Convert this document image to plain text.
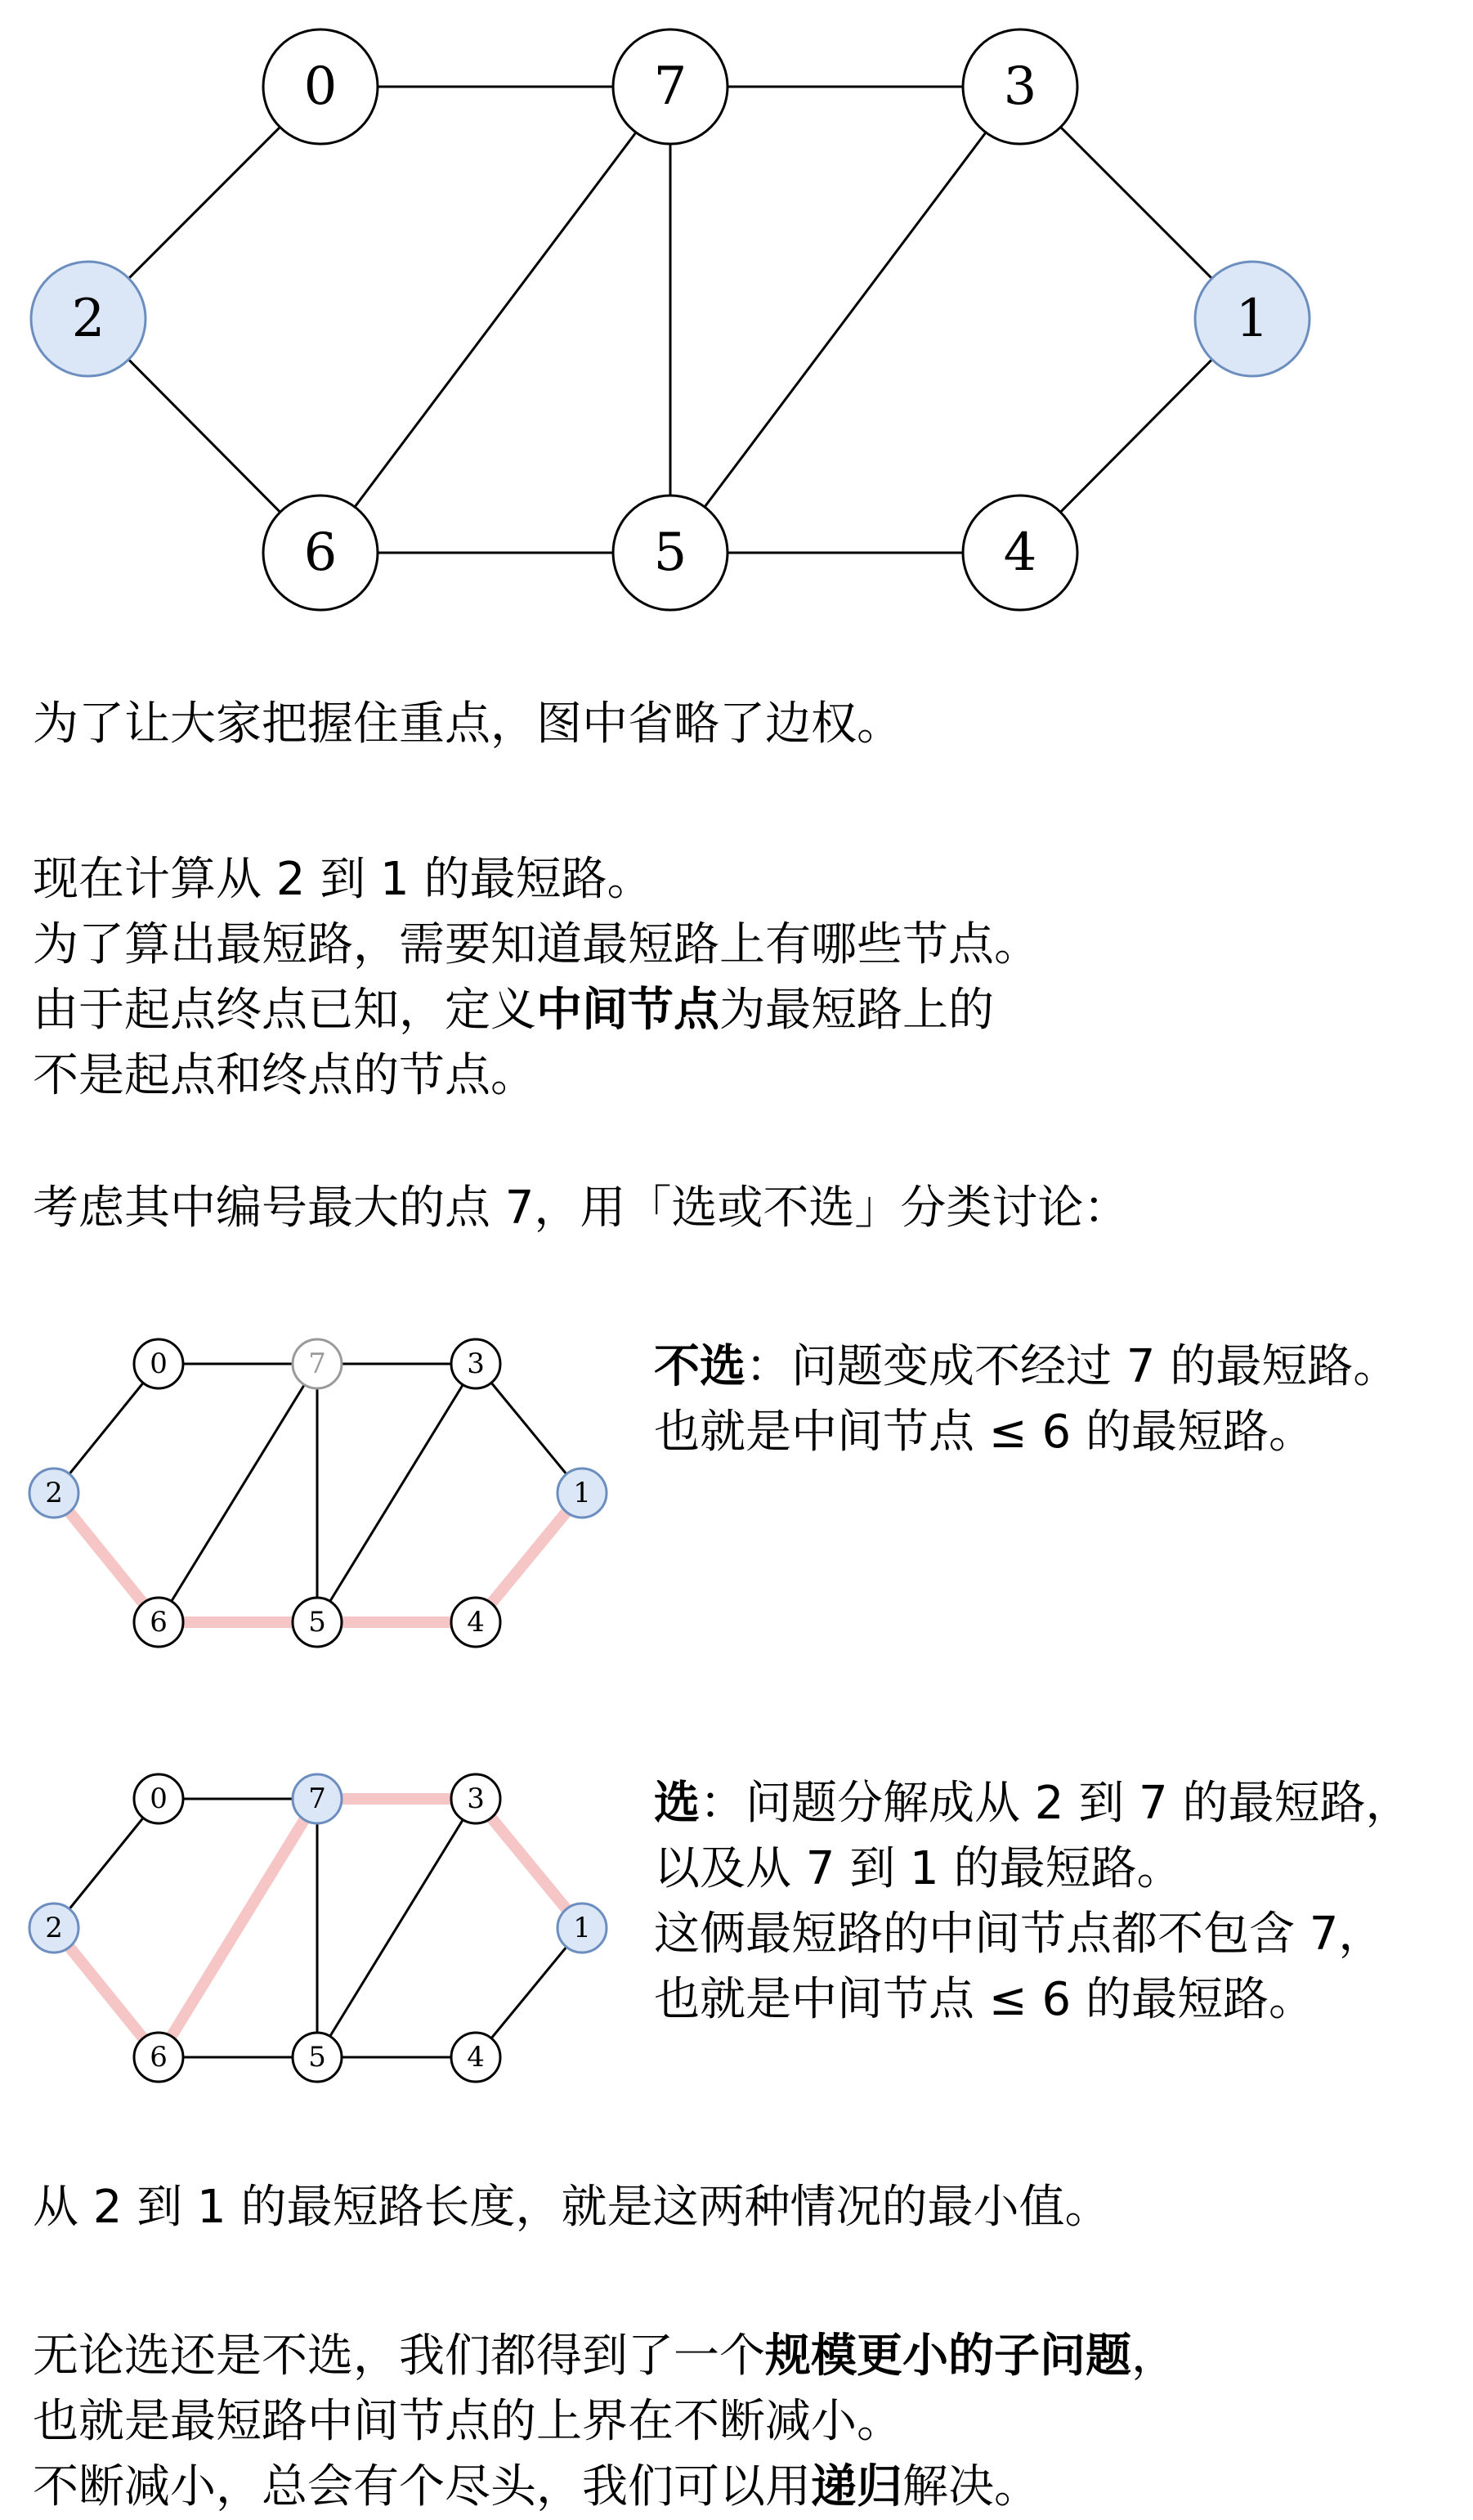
0	7	3
2	1
6	5	4

为了让大家把握住重点，图中省略了边权。

现在计算从 2 到 1 的最短路。
为了算出最短路，需要知道最短路上有哪些节点。
由于起点终点已知，定义中间节点为最短路上的
不是起点和终点的节点。

考虑其中编号最大的点 7，用「选或不选」分类讨论：

0	7	3
2	1
6	5	4

不选：问题变成不经过 7 的最短路。
也就是中间节点 ≤ 6 的最短路。

0	7	3
2	1
6	5	4

选：问题分解成从 2 到 7 的最短路，
以及从 7 到 1 的最短路。
这俩最短路的中间节点都不包含 7，
也就是中间节点 ≤ 6 的最短路。

从 2 到 1 的最短路长度，就是这两种情况的最小值。

无论选还是不选，我们都得到了一个规模更小的子问题，
也就是最短路中间节点的上界在不断减小。
不断减小，总会有个尽头，我们可以用递归解决。
